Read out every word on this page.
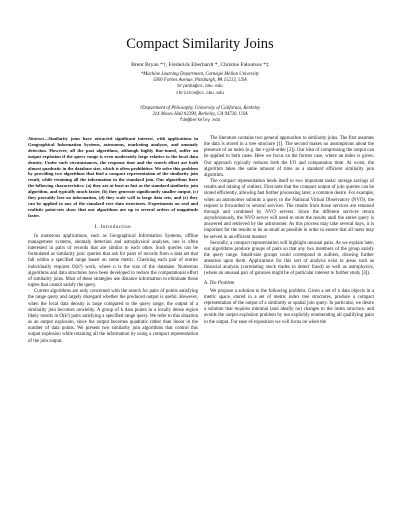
Compact Similarity Joins

Brent Bryan *†, Frederick Eberhardt *, Christos Faloutsos *‡

*Machine Learning Department, Carnegie Mellon University

5000 Forbes Avenue, Pittsburgh, PA 15213, USA

bryanba@cs.cmu.edu

christos@cs.cmu.edu

†Department of Philosophy, University of California, Berkeley

314 Moses Hall #2390, Berkeley, CA 94720, USA

fde@berkeley.edu

Abstract—Similarity joins have attracted significant interest, with applications in Geographical Information Systems, astronomy, marketing analyses, and anomaly detection. However, all the past algorithms, although highly fine-tuned, suffer an output explosion if the query range is even moderately large relative to the local data density. Under such circumstances, the response time and the search effort are both almost quadratic in the database size, which is often prohibitive. We solve this problem by providing two algorithms that find a compact representation of the similarity join result, while retaining all the information in the standard join. Our algorithms have the following characteristics: (a) they are at least as fast as the standard similarity join algorithm, and typically much faster, (b) they generate significantly smaller output, (c) they provably lose no information, (d) they scale well to large data sets, and (e) they can be applied to any of the standard tree data structures. Experiments on real and realistic point-sets show that our algorithms are up to several orders of magnitude faster.

I. Introduction

In numerous applications, such as Geographical Information Systems, offline management systems, anomaly detection and astrophysical analyses, one is often interested in pairs of records that are similar to each other. Such queries can be formulated as similarity join: queries that ask for pairs of records from a data set that fall within a specified range based on some metric. Checking each pair of entries individually requires O(n²) work, where n is the size of the database. Numerous algorithms and data structures have been developed to reduce the computational effort of similarity joins. Most of these strategies use distance information to eliminate those tuples that cannot satisfy the query.

Current algorithms are only concerned with the search for pairs of points satisfying the range query and largely disregard whether the produced output is useful. However, when the local data density is large compared to the query range, the output of a similarity join becomes unwieldy. A group of k data points in a locally dense region likely results in O(k²) pairs satisfying a specified range query. We refer to this situation as an output explosion, since the output becomes quadratic rather than linear in the number of data points. We present two similarity join algorithms that control this output explosion while retaining all the information by using a compact representation of the join output.

The literature contains two general approaches to similarity joins. The first assumes the data is stored in a tree structure [1]. The second makes no assumptions about the presence of an index (e.g. the ε-grid-order [2]). Our idea of compressing the output can be applied to both cases. Here we focus on the former case, where an index is given. Our approach typically reduces both the I/O and computation time. At worst, the algorithm takes the same amount of time as a standard efficient similarity join algorithm.

The compact representation lends itself to two important tasks: storage savings of results and mining of outliers. First note that the compact output of join queries can be stored efficiently, allowing fast further processing later, a common desire. For example, when an astronomer submits a query to the National Virtual Observatory (NVO), the request is forwarded to several services. The results from those services are returned through and combined by NVO servers. Since the different services return asynchronously, the NVO server will need to store the results until the entire query is answered and retrieved by the astronomer. As this process may take several days, it is important for the results to be as small as possible in order to ensure that all users may be served in an efficient manner.

Secondly, a compact representation will highlight unusual pairs. As we explain later, our algorithms produce groups of pairs so that any two members of the group satisfy the query range. Small-size groups could correspond to outliers, drawing further attention upon them. Applications for this sort of analysis exist in areas such as financial analysis (correlating stock trades to detect fraud) as well as astrophysics, (where an unusual pair of galaxies might be of particular interest to further study [3]).

A. The Problem

We propose a solution to the following problem: Given a set of n data objects in a metric space, stored in a set of metric index tree structures, produce a compact representation of the output of a similarity or spatial join query. In particular, we desire a solution that requires minimal (and ideally no) changes to the index structure, and avoids the output explosion problem by not explicitly enumerating all qualifying pairs in the output. For ease of exposition we will focus on when the
